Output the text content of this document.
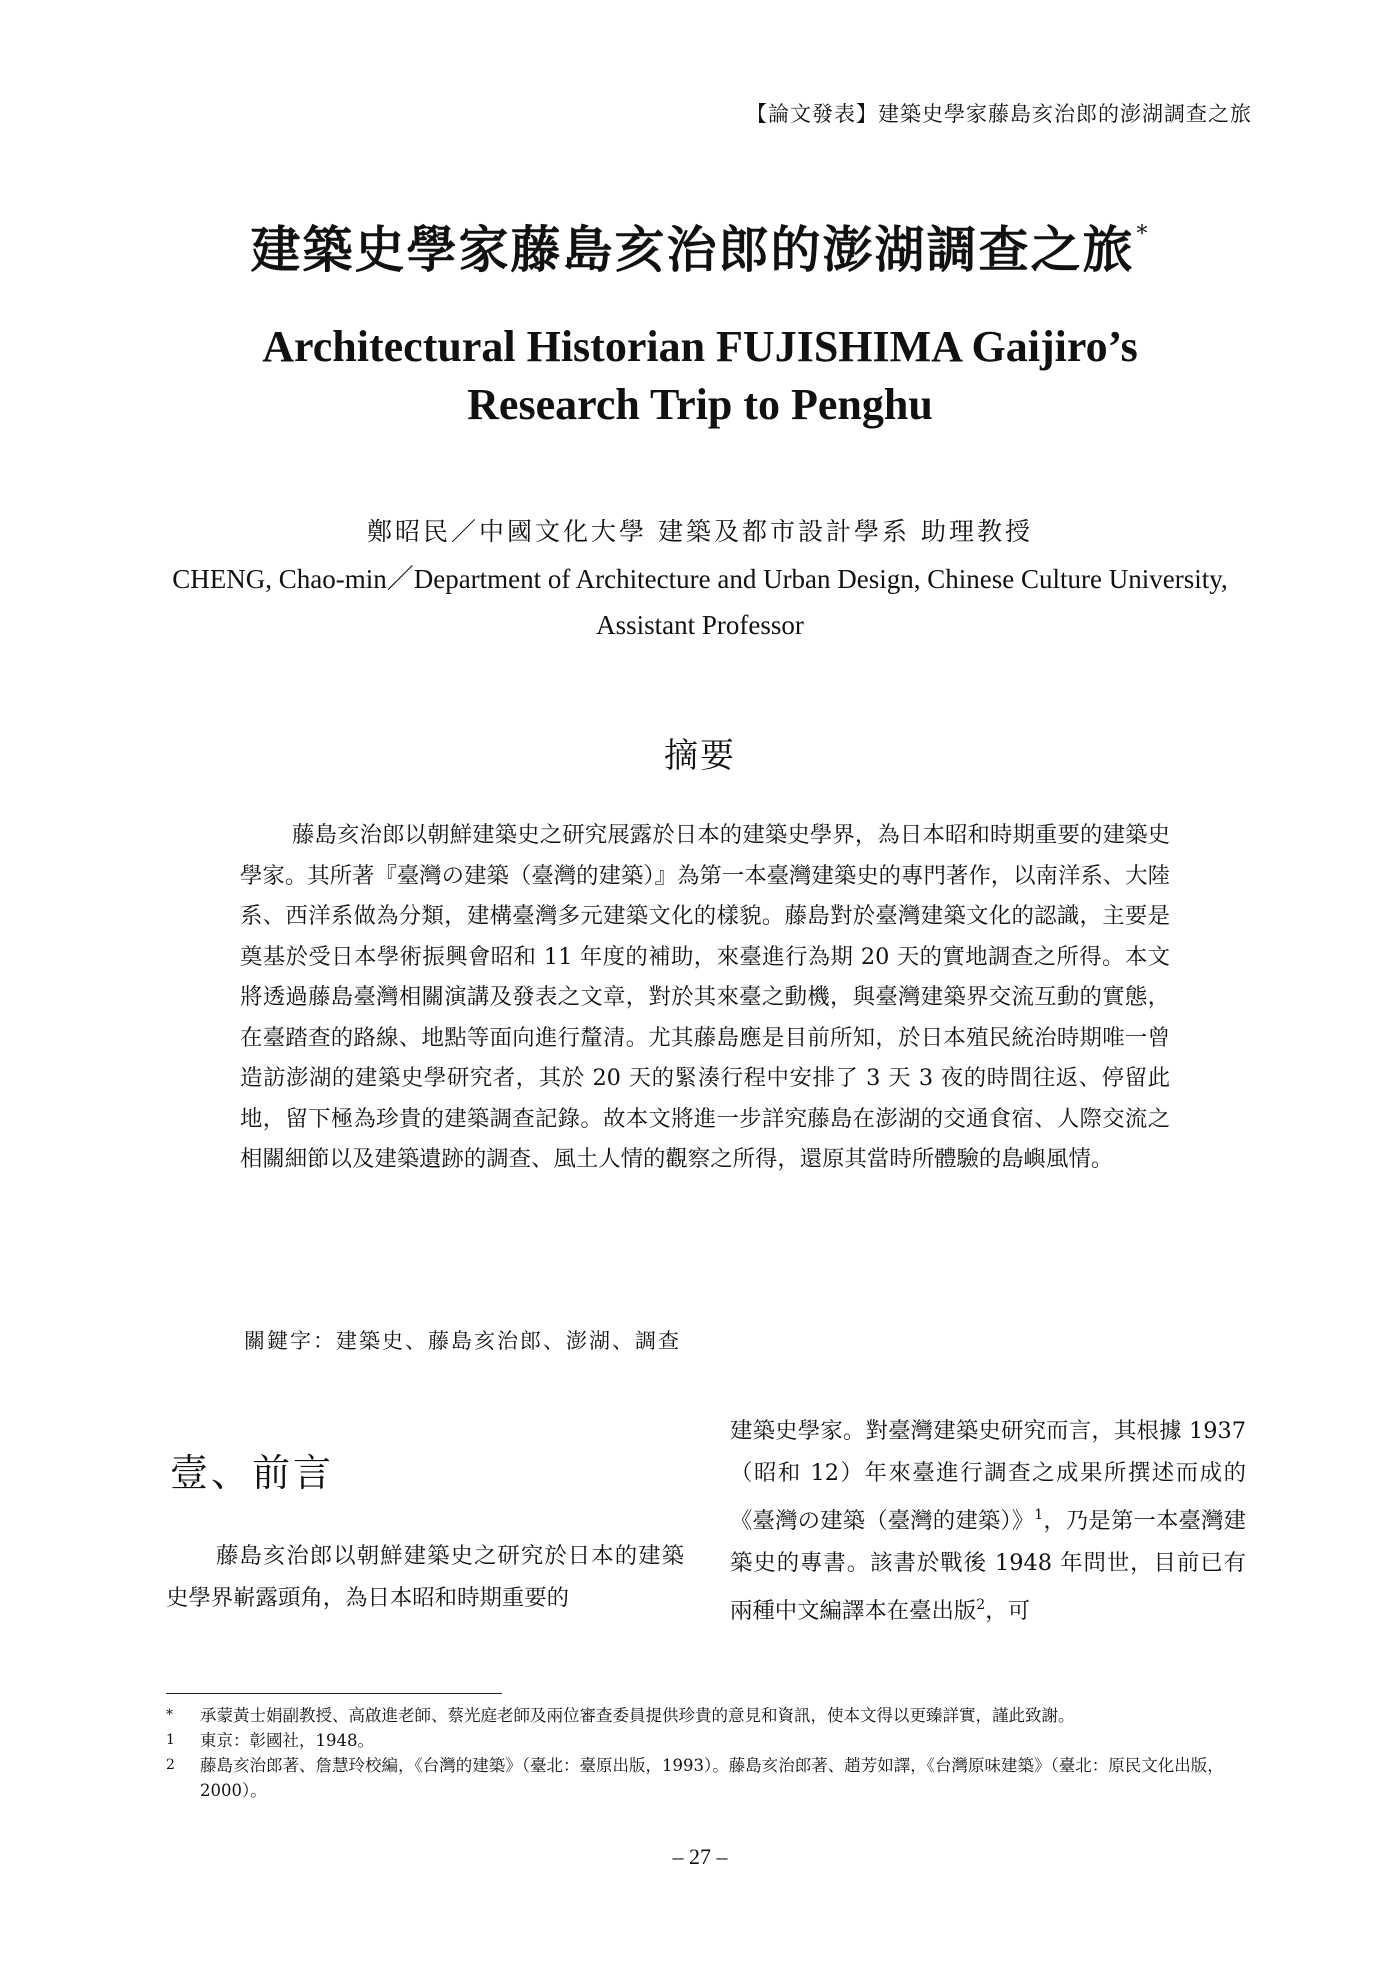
【論文發表】建築史學家藤島亥治郎的澎湖調查之旅
建築史學家藤島亥治郎的澎湖調查之旅*
Architectural Historian FUJISHIMA Gaijiro’s
Research Trip to Penghu
鄭昭民／中國文化大學 建築及都市設計學系 助理教授
CHENG, Chao-min／Department of Architecture and Urban Design, Chinese Culture University, Assistant Professor
摘要

藤島亥治郎以朝鮮建築史之研究展露於日本的建築史學界，為日本昭和時期重要的建築史學家。其所著『臺灣の建築（臺灣的建築）』為第一本臺灣建築史的專門著作，以南洋系、大陸系、西洋系做為分類，建構臺灣多元建築文化的樣貌。藤島對於臺灣建築文化的認識，主要是奠基於受日本學術振興會昭和 11 年度的補助，來臺進行為期 20 天的實地調查之所得。本文將透過藤島臺灣相關演講及發表之文章，對於其來臺之動機，與臺灣建築界交流互動的實態，在臺踏查的路線、地點等面向進行釐清。尤其藤島應是目前所知，於日本殖民統治時期唯一曾造訪澎湖的建築史學研究者，其於 20 天的緊湊行程中安排了 3 天 3 夜的時間往返、停留此地，留下極為珍貴的建築調查記錄。故本文將進一步詳究藤島在澎湖的交通食宿、人際交流之相關細節以及建築遺跡的調查、風土人情的觀察之所得，還原其當時所體驗的島嶼風情。

關鍵字：建築史、藤島亥治郎、澎湖、調查
壹、前言

藤島亥治郎以朝鮮建築史之研究於日本的建築史學界嶄露頭角，為日本昭和時期重要的

建築史學家。對臺灣建築史研究而言，其根據 1937（昭和 12）年來臺進行調查之成果所撰述而成的《臺灣の建築（臺灣的建築）》$^1$，乃是第一本臺灣建築史的專書。該書於戰後 1948 年問世，目前已有兩種中文編譯本在臺出版$^2$，可

*	承蒙黃士娟副教授、高啟進老師、蔡光庭老師及兩位審查委員提供珍貴的意見和資訊，使本文得以更臻詳實，謹此致謝。
1	東京：彰國社，1948。
2	藤島亥治郎著、詹慧玲校編，《台灣的建築》（臺北：臺原出版，1993）。藤島亥治郎著、趙芳如譯，《台灣原味建築》（臺北：原民文化出版，2000）。
– 27 –
